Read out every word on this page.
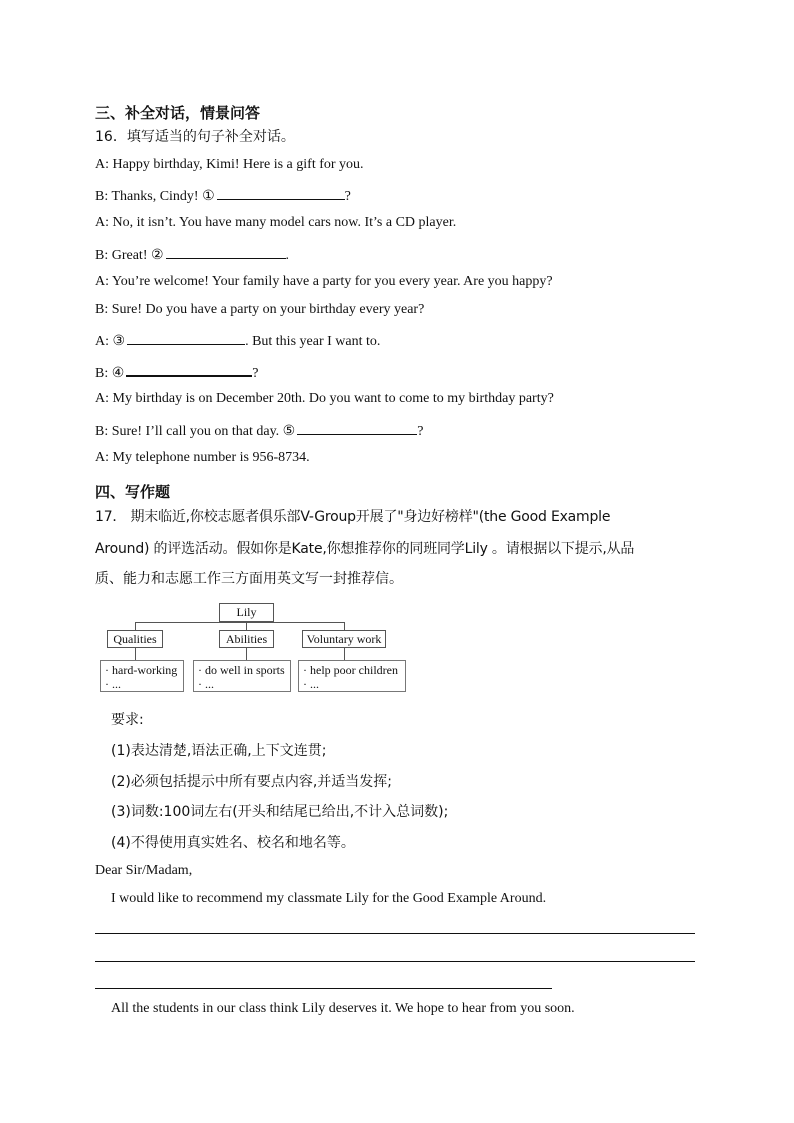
三、补全对话，情景问答
16．填写适当的句子补全对话。
A: Happy birthday, Kimi! Here is a gift for you.
B: Thanks, Cindy! ①	?
A: No, it isn’t. You have many model cars now. It’s a CD player.
B: Great! ②	.
A: You’re welcome! Your family have a party for you every year. Are you happy?
B: Sure! Do you have a party on your birthday every year?
A: ③	. But this year I want to.
B: ④	?
A: My birthday is on December 20th. Do you want to come to my birthday party?
B: Sure! I’ll call you on that day. ⑤	?
A: My telephone number is 956-8734.
四、写作题
17． 期末临近,你校志愿者俱乐部V-Group开展了"身边好榜样"(the Good Example
Around) 的评选活动。假如你是Kate,你想推荐你的同班同学Lily 。请根据以下提示,从品
质、能力和志愿工作三方面用英文写一封推荐信。
Lily
Qualities	Abilities	Voluntary work
· hard-working
· ...
· do well in sports
· ...
· help poor children
· ...
要求:
(1)表达清楚,语法正确,上下文连贯;
(2)必须包括提示中所有要点内容,并适当发挥;
(3)词数:100词左右(开头和结尾已给出,不计入总词数);
(4)不得使用真实姓名、校名和地名等。
Dear Sir/Madam,
I would like to recommend my classmate Lily for the Good Example Around.
All the students in our class think Lily deserves it. We hope to hear from you soon.
